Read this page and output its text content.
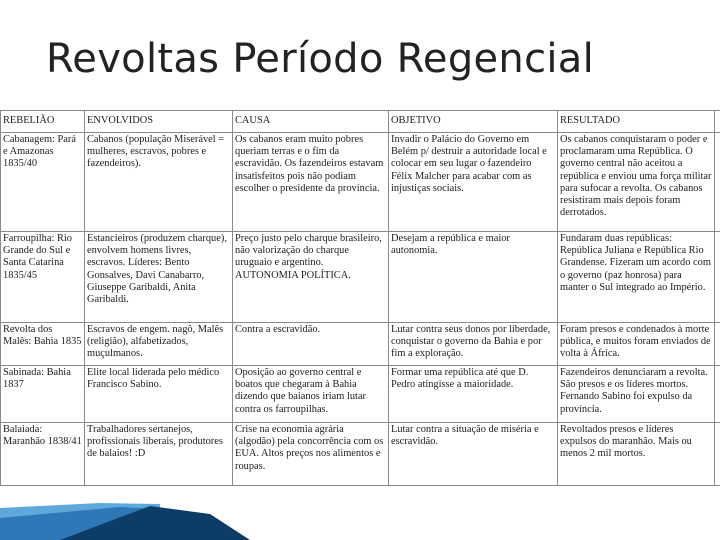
Revoltas Período Regencial
REBELIÃO	ENVOLVIDOS	CAUSA	OBJETIVO	RESULTADO	
Cabanagem: Pará e Amazonas 1835/40	Cabanos (população Miserável = mulheres, escravos, pobres e fazendeiros).	Os cabanos eram muito pobres queriam terras e o fim da escravidão. Os fazendeiros estavam insatisfeitos pois não podiam escolher o presidente da província.	Invadir o Palácio do Governo em Belém p/ destruir a autoridade local e colocar em seu lugar o fazendeiro Félix Malcher para acabar com as injustiças sociais.	Os cabanos conquistaram o poder e proclamaram uma República. O governo central não aceitou a república e enviou uma força militar para sufocar a revolta. Os cabanos resistiram mais depois foram derrotados.	
Farroupilha: Rio Grande do Sul e Santa Catarina 1835/45	Estancieiros (produzem charque), envolvem homens livres, escravos. Líderes: Bento Gonsalves, Davi Canabarro, Giuseppe Garibaldi, Anita Garibaldi.	Preço justo pelo charque brasileiro, não valorização do charque uruguaio e argentino. AUTONOMIA POLÍTICA.	Desejam a república e maior autonomia.	Fundaram duas repúblicas: República Juliana e República Rio Grandense. Fizeram um acordo com o governo (paz honrosa) para manter o Sul integrado ao Império.	
Revolta dos Malês: Bahia 1835	Escravos de engem. nagô, Malês (religião), alfabetizados, muçulmanos.	Contra a escravidão.	Lutar contra seus donos por liberdade, conquistar o governo da Bahia e por fim a exploração.	Foram presos e condenados à morte pública, e muitos foram enviados de volta à África.	
Sabinada: Bahia 1837	Elite local liderada pelo médico Francisco Sabino.	Oposição ao governo central e boatos que chegaram à Bahia dizendo que baianos iriam lutar contra os farroupilhas.	Formar uma república até que D. Pedro atingisse a maioridade.	Fazendeiros denunciaram a revolta. São presos e os líderes mortos. Fernando Sabino foi expulso da província.	
Balaiada: Maranhão 1838/41	Trabalhadores sertanejos, profissionais liberais, produtores de balaios! :D	Crise na economia agrária (algodão) pela concorrência com os EUA. Altos preços nos alimentos e roupas.	Lutar contra a situação de miséria e escravidão.	Revoltados presos e líderes expulsos do maranhão. Mais ou menos 2 mil mortos.	
